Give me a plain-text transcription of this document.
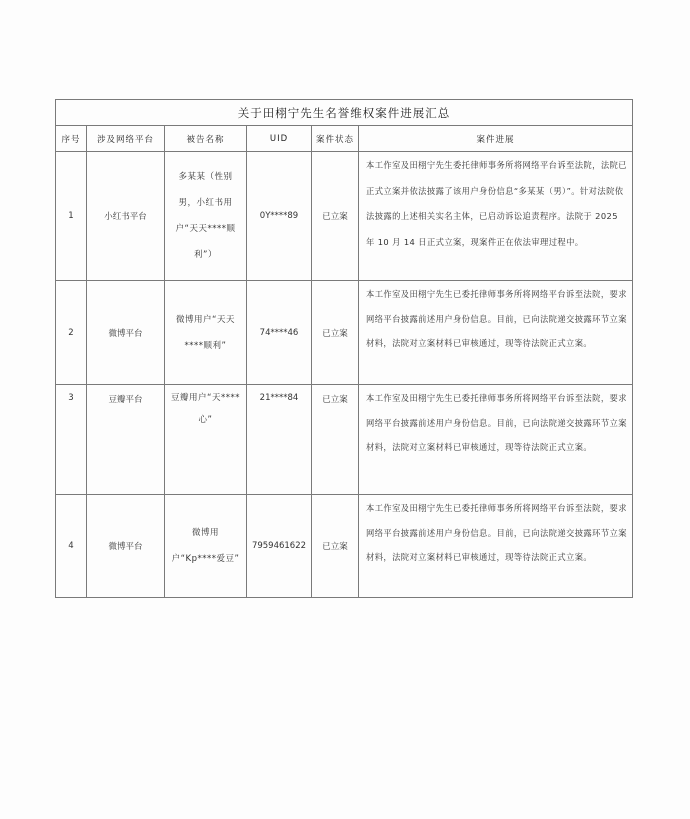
关于田栩宁先生名誉维权案件进展汇总					
序号	涉及网络平台	被告名称	UID	案件状态	案件进展
1	小红书平台	多某某（性别男，小红书用户“天天****顺利”）	0Y****89	已立案	本工作室及田栩宁先生委托律师事务所将网络平台诉至法院，法院已正式立案并依法披露了该用户身份信息“多某某（男）”。针对法院依法披露的上述相关实名主体，已启动诉讼追责程序。法院于 2025 年 10 月 14 日正式立案，现案件正在依法审理过程中。
2	微博平台	微博用户“天天****顺利”	74****46	已立案	本工作室及田栩宁先生已委托律师事务所将网络平台诉至法院，要求网络平台披露前述用户身份信息。目前，已向法院递交披露环节立案材料，法院对立案材料已审核通过，现等待法院正式立案。
3	豆瓣平台	豆瓣用户“天****心”	21****84	已立案	本工作室及田栩宁先生已委托律师事务所将网络平台诉至法院，要求网络平台披露前述用户身份信息。目前，已向法院递交披露环节立案材料，法院对立案材料已审核通过，现等待法院正式立案。
4	微博平台	微博用户“Kp****爱豆”	7959461622	已立案	本工作室及田栩宁先生已委托律师事务所将网络平台诉至法院，要求网络平台披露前述用户身份信息。目前，已向法院递交披露环节立案材料，法院对立案材料已审核通过，现等待法院正式立案。
